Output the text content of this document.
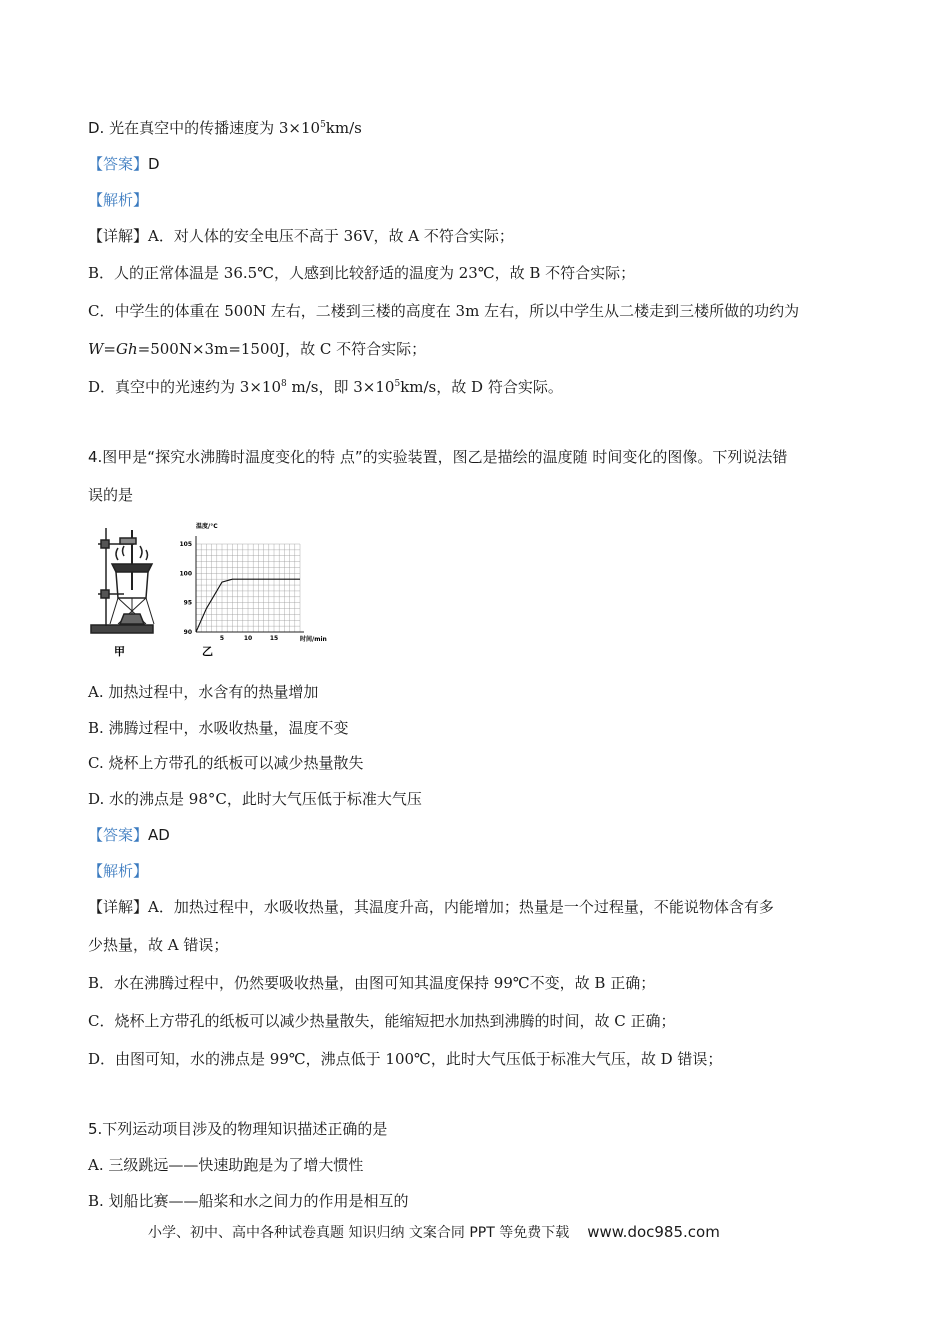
D. 光在真空中的传播速度为 $3\times 10^5km/s$
【答案】D
【解析】
【详解】A．对人体的安全电压不高于 36V，故 A 不符合实际；
B．人的正常体温是 36.5℃，人感到比较舒适的温度为 23℃，故 B 不符合实际；
C．中学生的体重在 500N 左右，二楼到三楼的高度在 3m 左右，所以中学生从二楼走到三楼所做的功约为
W=Gh=500N×3m=1500J，故 C 不符合实际；
D．真空中的光速约为 $3\times 10^8$ m/s，即 $3\times 10^5km/s$，故 D 符合实际。
4.图甲是“探究水沸腾时温度变化的特 点”的实验装置，图乙是描绘的温度随 时间变化的图像。下列说法错
误的是
甲
90
95
100
105
5	10	15
温度/°C
时间/min
乙
A. 加热过程中，水含有的热量增加
B. 沸腾过程中，水吸收热量，温度不变
C. 烧杯上方带孔的纸板可以减少热量散失
D. 水的沸点是 98°C，此时大气压低于标准大气压
【答案】AD
【解析】
【详解】A．加热过程中，水吸收热量，其温度升高，内能增加；热量是一个过程量，不能说物体含有多
少热量，故 A 错误；
B．水在沸腾过程中，仍然要吸收热量，由图可知其温度保持 99℃不变，故 B 正确；
C．烧杯上方带孔的纸板可以减少热量散失，能缩短把水加热到沸腾的时间，故 C 正确；
D．由图可知，水的沸点是 99℃，沸点低于 100℃，此时大气压低于标准大气压，故 D 错误；
5.下列运动项目涉及的物理知识描述正确的是
A. 三级跳远——快速助跑是为了增大惯性
B. 划船比赛——船桨和水之间力的作用是相互的
小学、初中、高中各种试卷真题 知识归纳 文案合同 PPT 等免费下载 www.doc985.com
